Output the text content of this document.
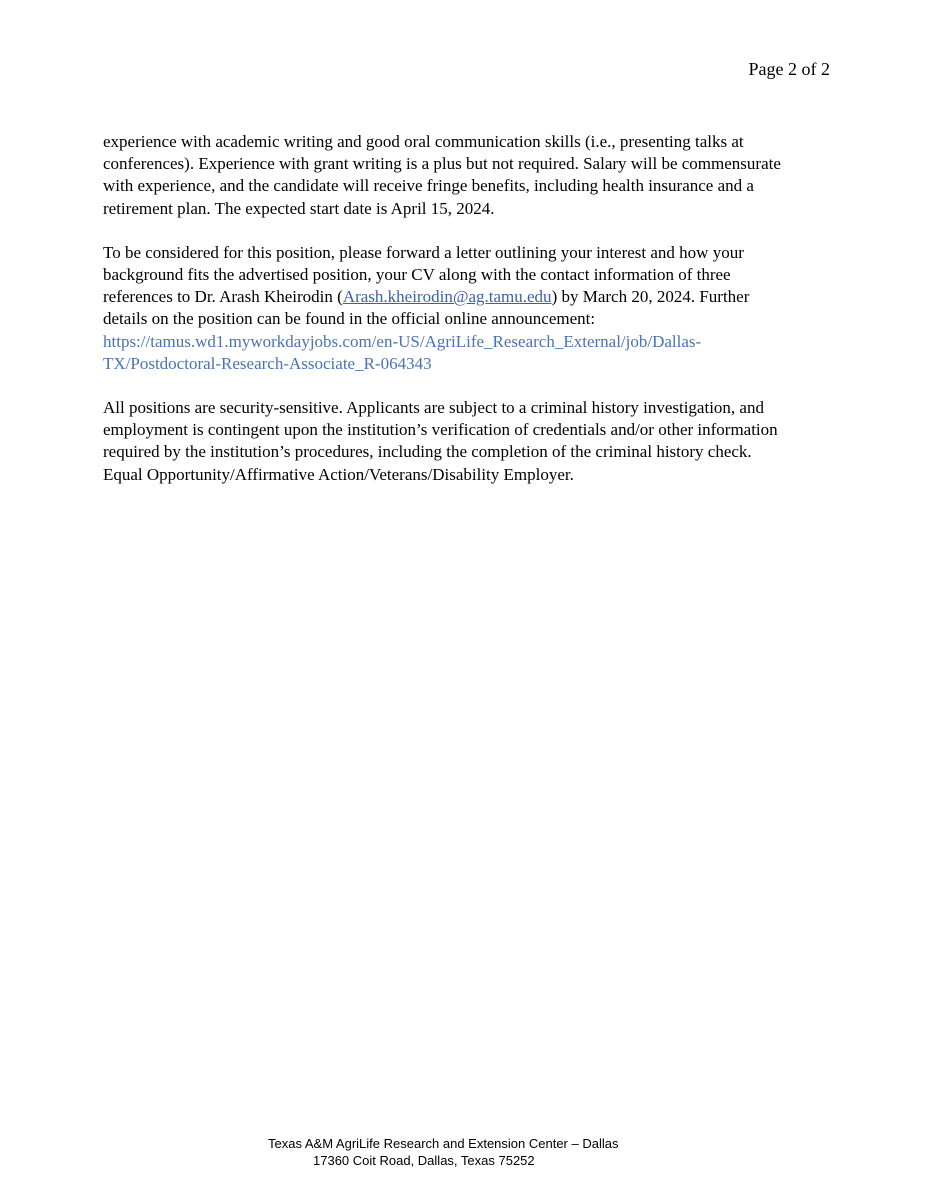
Page 2 of 2

experience with academic writing and good oral communication skills (i.e., presenting talks at
conferences). Experience with grant writing is a plus but not required. Salary will be commensurate
with experience, and the candidate will receive fringe benefits, including health insurance and a
retirement plan. The expected start date is April 15, 2024.

To be considered for this position, please forward a letter outlining your interest and how your
background fits the advertised position, your CV along with the contact information of three
references to Dr. Arash Kheirodin (Arash.kheirodin@ag.tamu.edu) by March 20, 2024. Further
details on the position can be found in the official online announcement:
https://tamus.wd1.myworkdayjobs.com/en-US/AgriLife_Research_External/job/Dallas-
TX/Postdoctoral-Research-Associate_R-064343

All positions are security-sensitive. Applicants are subject to a criminal history investigation, and
employment is contingent upon the institution’s verification of credentials and/or other information
required by the institution’s procedures, including the completion of the criminal history check.
Equal Opportunity/Affirmative Action/Veterans/Disability Employer.

Texas A&M AgriLife Research and Extension Center – Dallas
17360 Coit Road, Dallas, Texas 75252
